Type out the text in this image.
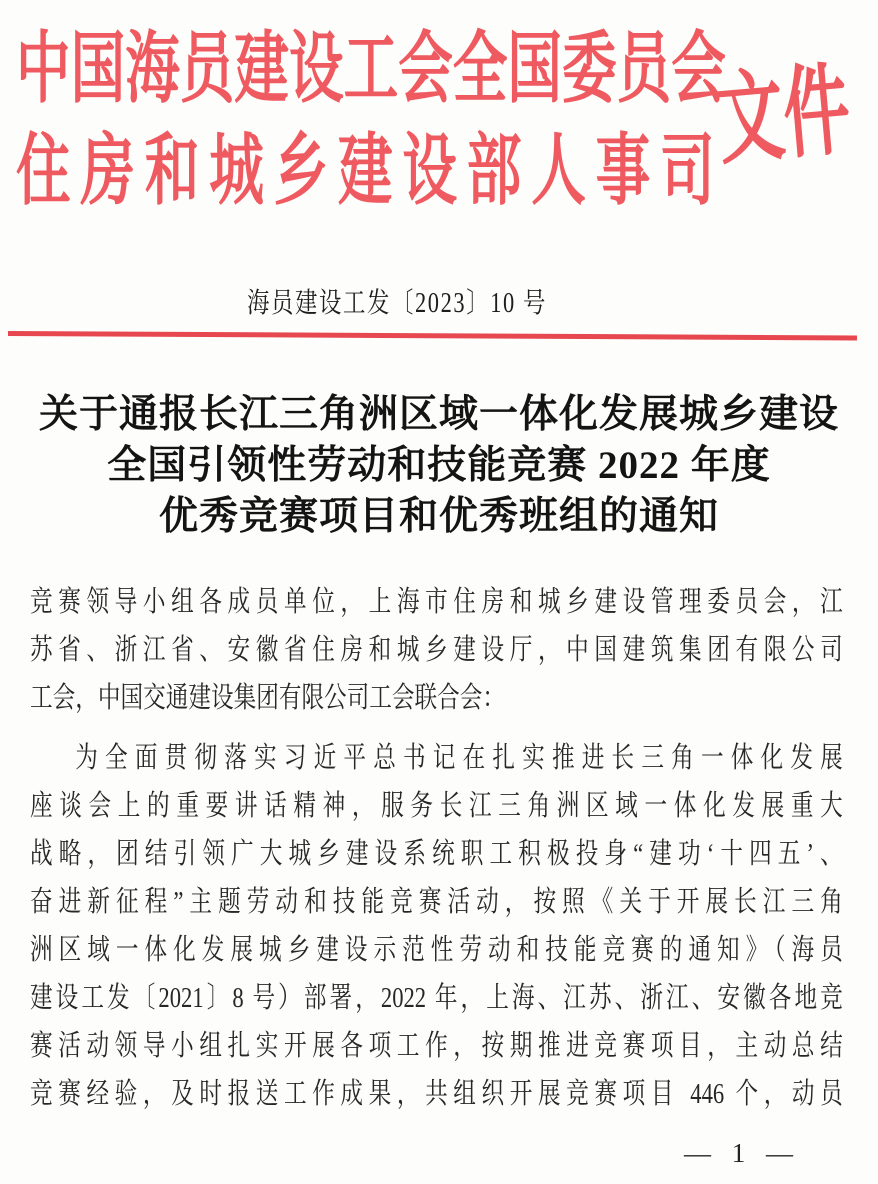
中国海员建设工会全国委员会
住房和城乡建设部人事司
文件
海员建设工发〔2023〕10 号
关于通报长江三角洲区域一体化发展城乡建设
全国引领性劳动和技能竞赛 2022 年度
优秀竞赛项目和优秀班组的通知
竞赛领导小组各成员单位，上海市住房和城乡建设管理委员会，江
苏省、浙江省、安徽省住房和城乡建设厅，中国建筑集团有限公司
工会，中国交通建设集团有限公司工会联合会：
为全面贯彻落实习近平总书记在扎实推进长三角一体化发展
座谈会上的重要讲话精神，服务长江三角洲区域一体化发展重大
战略，团结引领广大城乡建设系统职工积极投身“建功‘十四五’、
奋进新征程”主题劳动和技能竞赛活动，按照《关于开展长江三角
洲区域一体化发展城乡建设示范性劳动和技能竞赛的通知》（海员
建设工发〔2021〕8 号）部署，2022 年，上海、江苏、浙江、安徽各地竞
赛活动领导小组扎实开展各项工作，按期推进竞赛项目，主动总结
竞赛经验，及时报送工作成果，共组织开展竞赛项目 446 个，动员
— 1 —
